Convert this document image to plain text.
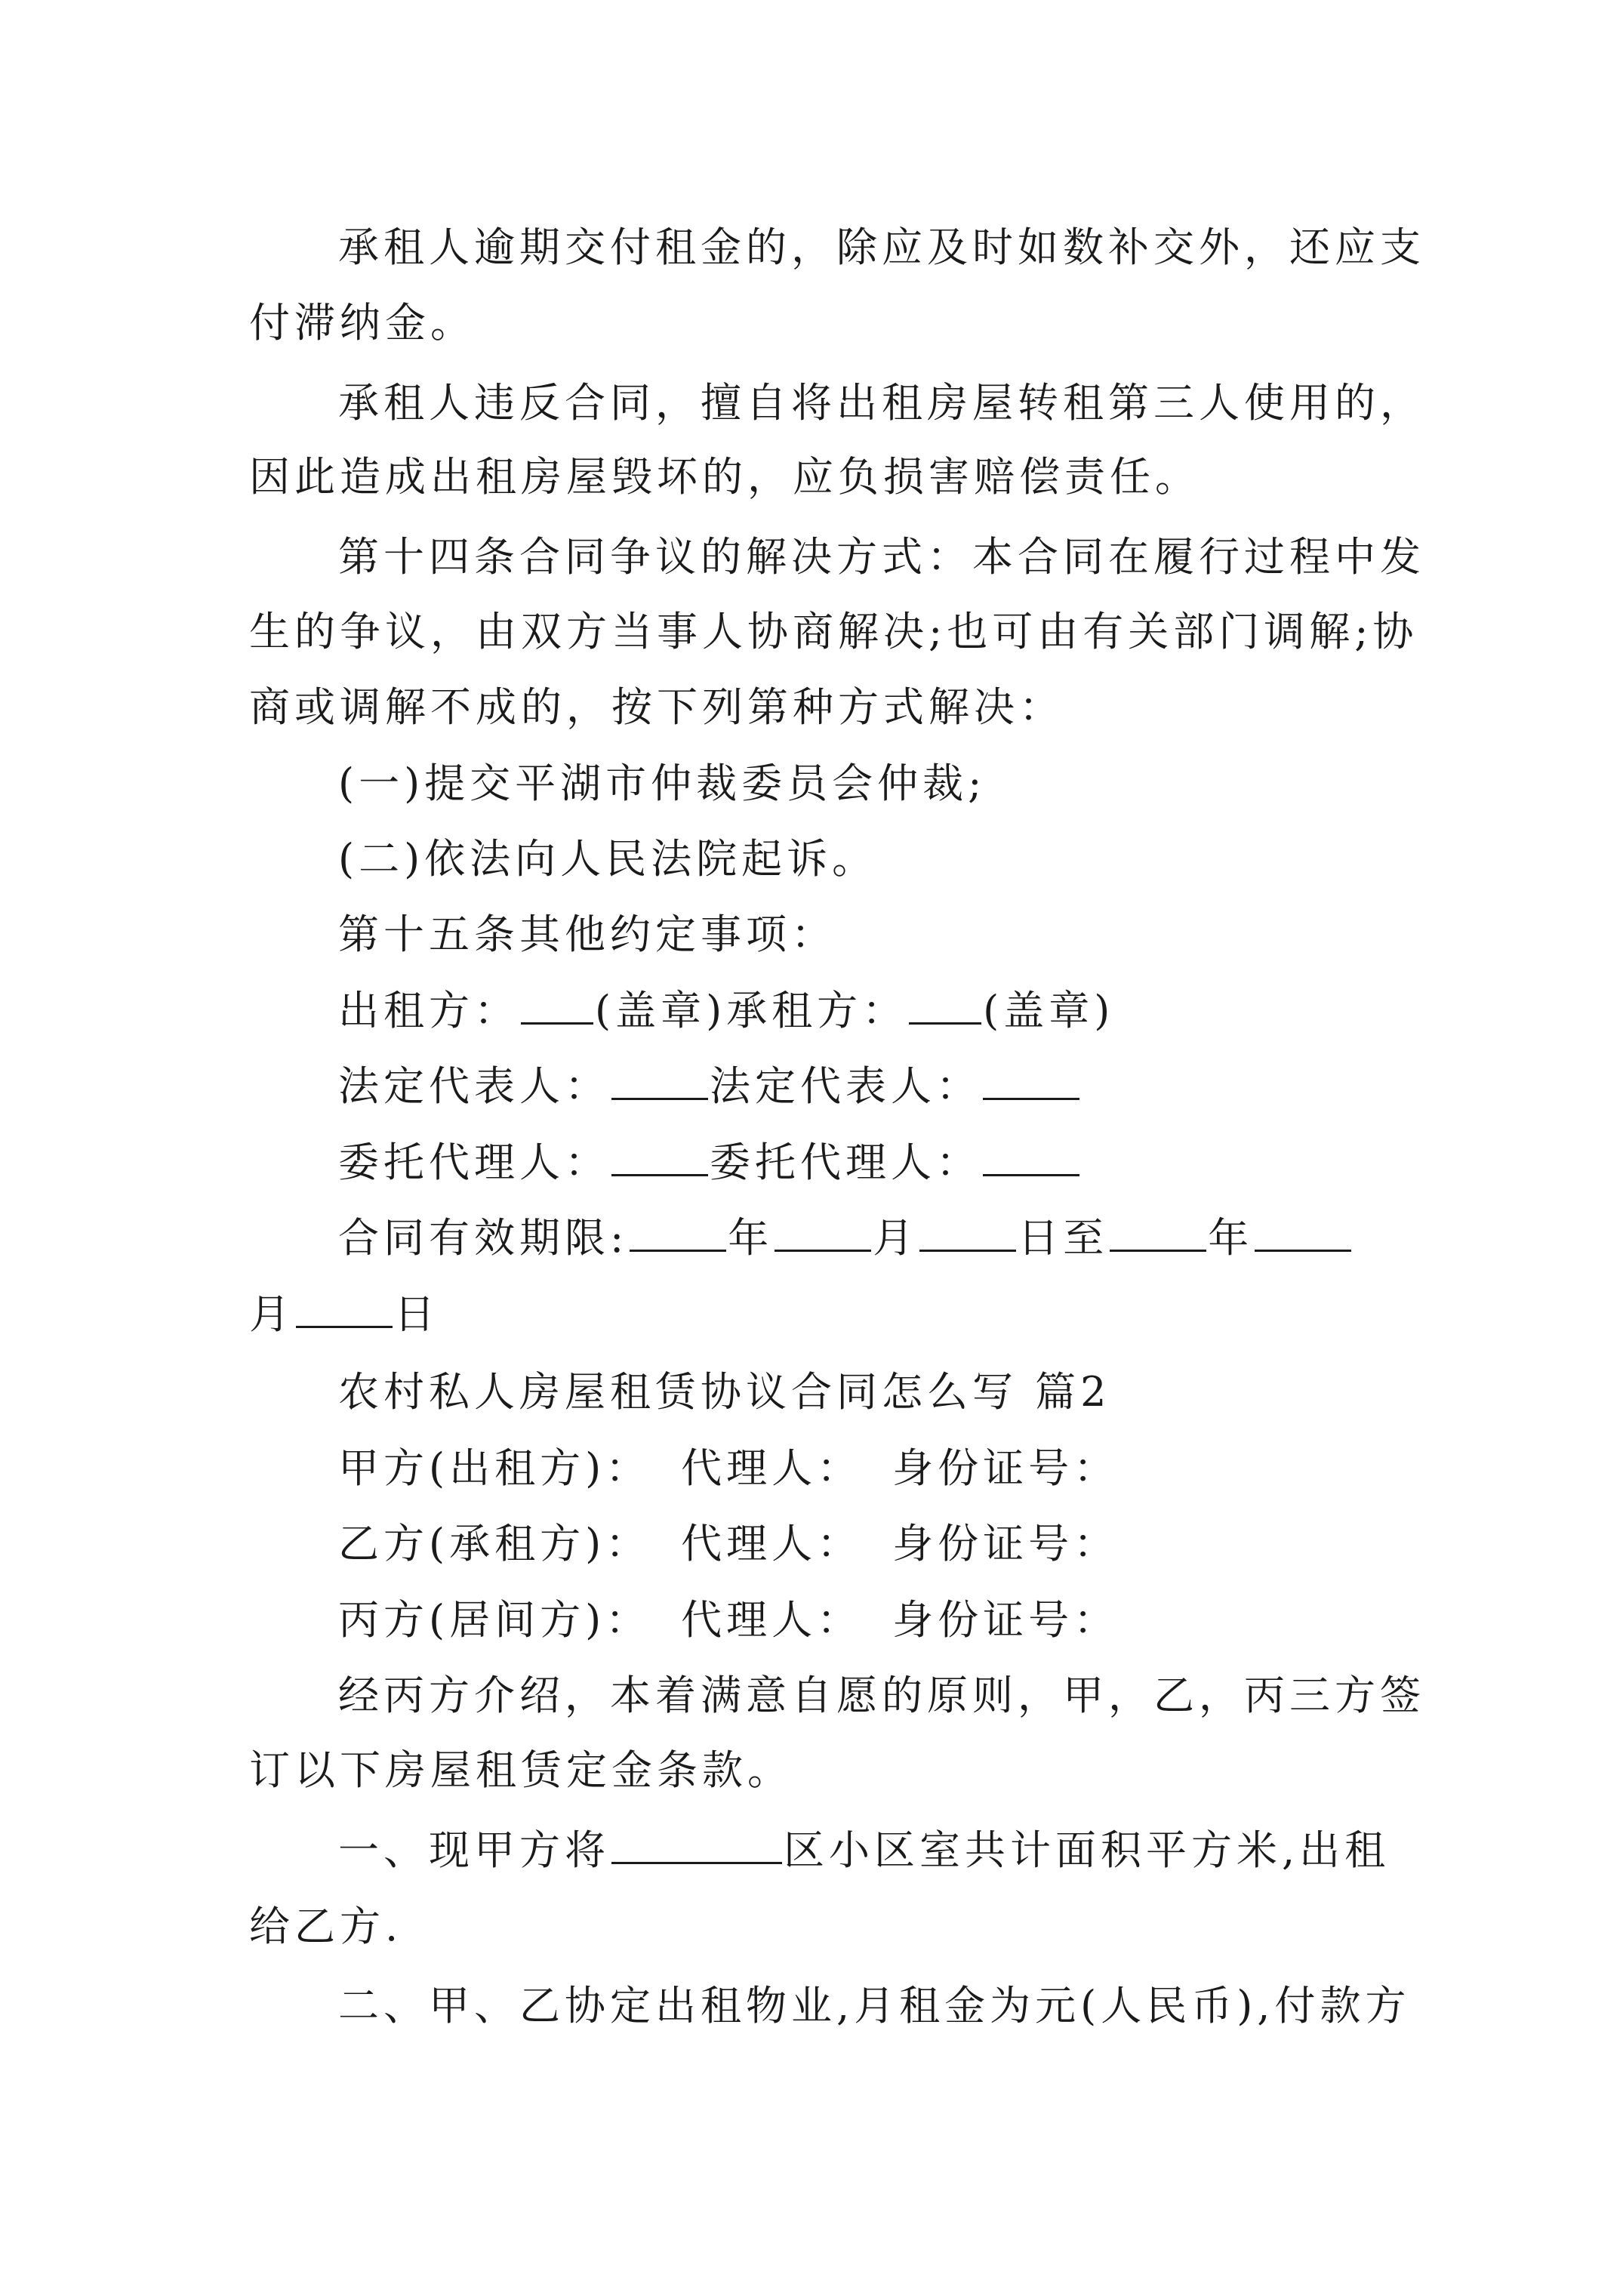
承租人逾期交付租金的，除应及时如数补交外，还应支
付滞纳金。
承租人违反合同，擅自将出租房屋转租第三人使用的，
因此造成出租房屋毁坏的，应负损害赔偿责任。
第十四条合同争议的解决方式：本合同在履行过程中发
生的争议，由双方当事人协商解决;也可由有关部门调解;协
商或调解不成的，按下列第种方式解决：
(一)提交平湖市仲裁委员会仲裁;
(二)依法向人民法院起诉。
第十五条其他约定事项：
出租方： (盖章)承租方： (盖章)
法定代表人： 法定代表人：
委托代理人： 委托代理人：
合同有效期限: 年 月 日至 年
月 日
农村私人房屋租赁协议合同怎么写 篇2
甲方(出租方)： 代理人： 身份证号：
乙方(承租方)： 代理人： 身份证号：
丙方(居间方)： 代理人： 身份证号：
经丙方介绍，本着满意自愿的原则，甲，乙，丙三方签
订以下房屋租赁定金条款。
一、现甲方将	区小区室共计面积平方米,出租
给乙方.
二、甲、乙协定出租物业,月租金为元(人民币),付款方
